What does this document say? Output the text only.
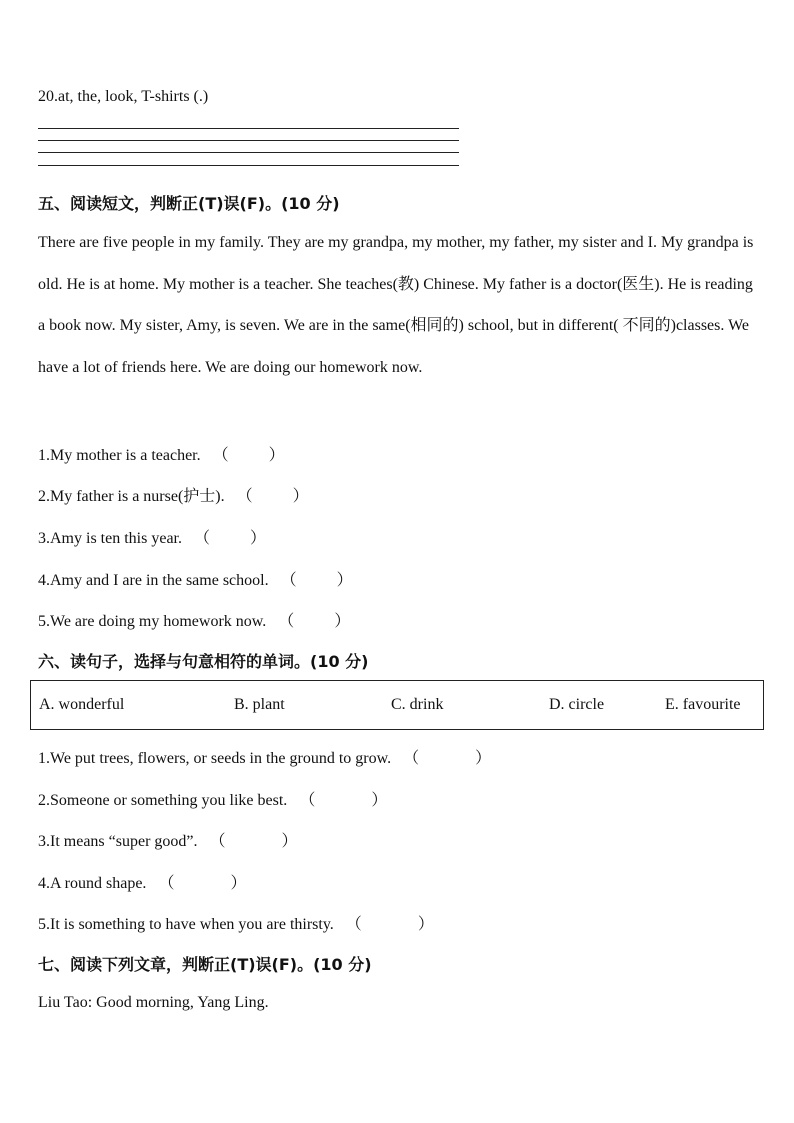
20.at, the, look, T-shirts (.)
五、阅读短文，判断正(T)误(F)。(10 分)
There are five people in my family. They are my grandpa, my mother, my father, my sister and I. My grandpa is old. He is at home. My mother is a teacher. She teaches(教) Chinese. My father is a doctor(医生). He is reading a book now. My sister, Amy, is seven. We are in the same(相同的) school, but in different( 不同的)classes. We have a lot of friends here. We are doing our homework now.
1.My mother is a teacher. （	）
2.My father is a nurse(护士). （	）
3.Amy is ten this year. （	）
4.Amy and I are in the same school. （	）
5.We are doing my homework now. （	）
六、读句子，选择与句意相符的单词。(10 分)
A. wonderful	B. plant	C. drink	D. circle	E. favourite
1.We put trees, flowers, or seeds in the ground to grow. （	）
2.Someone or something you like best. （	）
3.It means “super good”. （	）
4.A round shape. （	）
5.It is something to have when you are thirsty. （	）
七、阅读下列文章，判断正(T)误(F)。(10 分)
Liu Tao: Good morning, Yang Ling.
